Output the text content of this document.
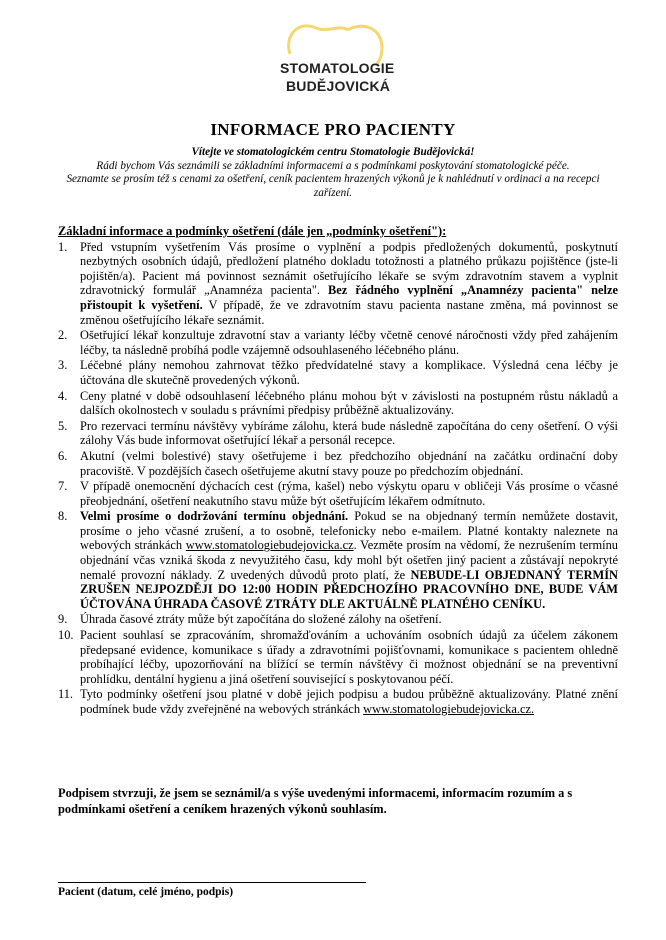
STOMATOLOGIE
BUDĚJOVICKÁ
INFORMACE PRO PACIENTY
Vítejte ve stomatologickém centru Stomatologie Budějovická!
Rádi bychom Vás seznámili se základními informacemi a s podmínkami poskytování stomatologické péče.
Seznamte se prosím též s cenami za ošetření, ceník pacientem hrazených výkonů je k nahlédnutí v ordinaci a na recepci zařízení.
Základní informace a podmínky ošetření (dále jen „podmínky ošetření"):
1. Před vstupním vyšetřením Vás prosíme o vyplnění a podpis předložených dokumentů, poskytnutí nezbytných osobních údajů, předložení platného dokladu totožnosti a platného průkazu pojištěnce (jste-li pojištěn/a). Pacient má povinnost seznámit ošetřujícího lékaře se svým zdravotním stavem a vyplnit zdravotnický formulář „Anamnéza pacienta". Bez řádného vyplnění „Anamnézy pacienta" nelze přistoupit k vyšetření. V případě, že ve zdravotním stavu pacienta nastane změna, má povinnost se změnou ošetřujícího lékaře seznámit.
2. Ošetřující lékař konzultuje zdravotní stav a varianty léčby včetně cenové náročnosti vždy před zahájením léčby, ta následně probíhá podle vzájemně odsouhlaseného léčebného plánu.
3. Léčebné plány nemohou zahrnovat těžko předvídatelné stavy a komplikace. Výsledná cena léčby je účtována dle skutečně provedených výkonů.
4. Ceny platné v době odsouhlasení léčebného plánu mohou být v závislosti na postupném růstu nákladů a dalších okolnostech v souladu s právními předpisy průběžně aktualizovány.
5. Pro rezervaci termínu návštěvy vybíráme zálohu, která bude následně započítána do ceny ošetření. O výši zálohy Vás bude informovat ošetřující lékař a personál recepce.
6. Akutní (velmi bolestivé) stavy ošetřujeme i bez předchozího objednání na začátku ordinační doby pracoviště. V pozdějších časech ošetřujeme akutní stavy pouze po předchozím objednání.
7. V případě onemocnění dýchacích cest (rýma, kašel) nebo výskytu oparu v obličeji Vás prosíme o včasné přeobjednání, ošetření neakutního stavu může být ošetřujícím lékařem odmítnuto.
8. Velmi prosíme o dodržování termínu objednání. Pokud se na objednaný termín nemůžete dostavit, prosíme o jeho včasné zrušení, a to osobně, telefonicky nebo e-mailem. Platné kontakty naleznete na webových stránkách www.stomatologiebudejovicka.cz. Vezměte prosím na vědomí, že nezrušením termínu objednání včas vzniká škoda z nevyužitého času, kdy mohl být ošetřen jiný pacient a zůstávají nepokryté nemalé provozní náklady. Z uvedených důvodů proto platí, že NEBUDE-LI OBJEDNANÝ TERMÍN ZRUŠEN NEJPOZDĚJI DO 12:00 HODIN PŘEDCHOZÍHO PRACOVNÍHO DNE, BUDE VÁM ÚČTOVÁNA ÚHRADA ČASOVÉ ZTRÁTY DLE AKTUÁLNĚ PLATNÉHO CENÍKU.
9. Úhrada časové ztráty může být započítána do složené zálohy na ošetření.
10. Pacient souhlasí se zpracováním, shromažďováním a uchováním osobních údajů za účelem zákonem předepsané evidence, komunikace s úřady a zdravotními pojišťovnami, komunikace s pacientem ohledně probíhající léčby, upozorňování na blížící se termín návštěvy či možnost objednání se na preventivní prohlídku, dentální hygienu a jiná ošetření související s poskytovanou péčí.
11. Tyto podmínky ošetření jsou platné v době jejich podpisu a budou průběžně aktualizovány. Platné znění podmínek bude vždy zveřejněné na webových stránkách www.stomatologiebudejovicka.cz.
Podpisem stvrzuji, že jsem se seznámil/a s výše uvedenými informacemi, informacím rozumím a s podmínkami ošetření a ceníkem hrazených výkonů souhlasím.
Pacient (datum, celé jméno, podpis)
